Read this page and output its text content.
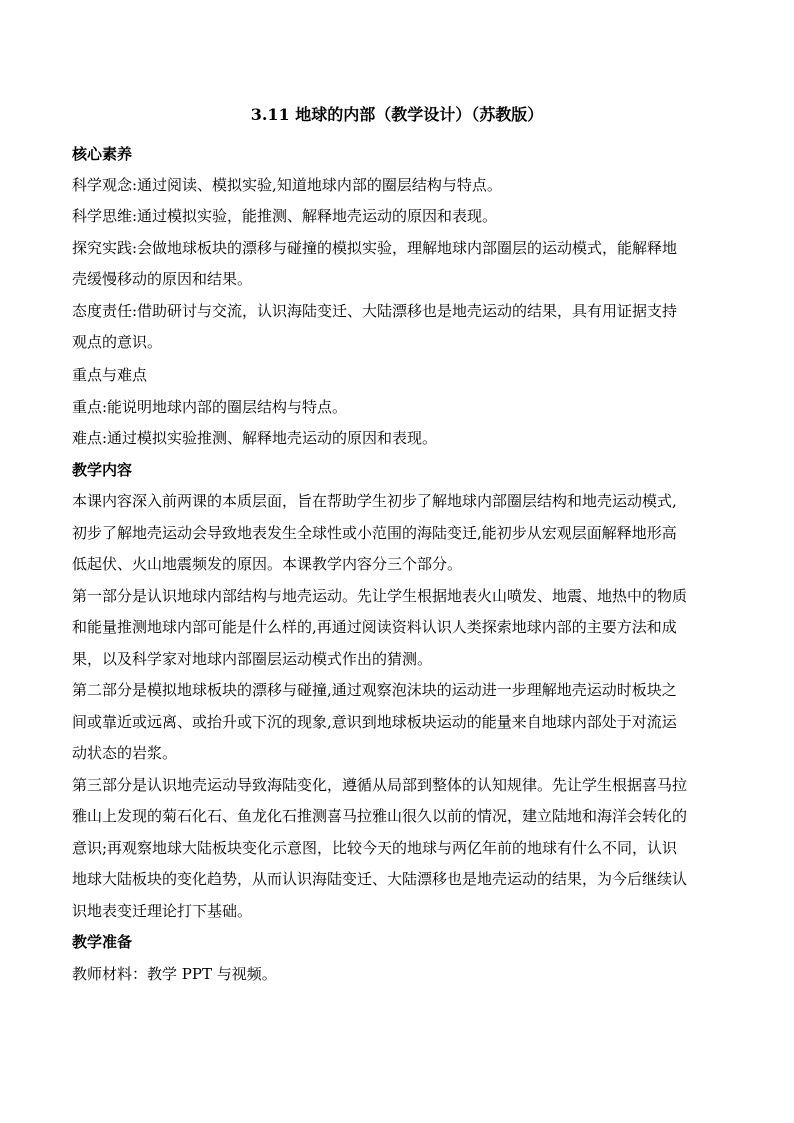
3.11 地球的内部（教学设计）（苏教版）
核心素养
科学观念:通过阅读、模拟实验,知道地球内部的圈层结构与特点。
科学思维:通过模拟实验，能推测、解释地壳运动的原因和表现。
探究实践:会做地球板块的漂移与碰撞的模拟实验，理解地球内部圈层的运动模式，能解释地
壳缓慢移动的原因和结果。
态度责任:借助研讨与交流，认识海陆变迁、大陆漂移也是地壳运动的结果，具有用证据支持
观点的意识。
重点与难点
重点:能说明地球内部的圈层结构与特点。
难点:通过模拟实验推测、解释地壳运动的原因和表现。
教学内容
本课内容深入前两课的本质层面，旨在帮助学生初步了解地球内部圈层结构和地壳运动模式,
初步了解地壳运动会导致地表发生全球性或小范围的海陆变迁,能初步从宏观层面解释地形高
低起伏、火山地震频发的原因。本课教学内容分三个部分。
第一部分是认识地球内部结构与地壳运动。先让学生根据地表火山喷发、地震、地热中的物质
和能量推测地球内部可能是什么样的,再通过阅读资料认识人类探索地球内部的主要方法和成
果，以及科学家对地球内部圈层运动模式作出的猜测。
第二部分是模拟地球板块的漂移与碰撞,通过观察泡沫块的运动进一步理解地壳运动时板块之
间或靠近或远离、或抬升或下沉的现象,意识到地球板块运动的能量来自地球内部处于对流运
动状态的岩浆。
第三部分是认识地壳运动导致海陆变化，遵循从局部到整体的认知规律。先让学生根据喜马拉
雅山上发现的菊石化石、鱼龙化石推测喜马拉雅山很久以前的情况，建立陆地和海洋会转化的
意识;再观察地球大陆板块变化示意图，比较今天的地球与两亿年前的地球有什么不同，认识
地球大陆板块的变化趋势，从而认识海陆变迁、大陆漂移也是地壳运动的结果，为今后继续认
识地表变迁理论打下基础。
教学准备
教师材料：教学 PPT 与视频。
